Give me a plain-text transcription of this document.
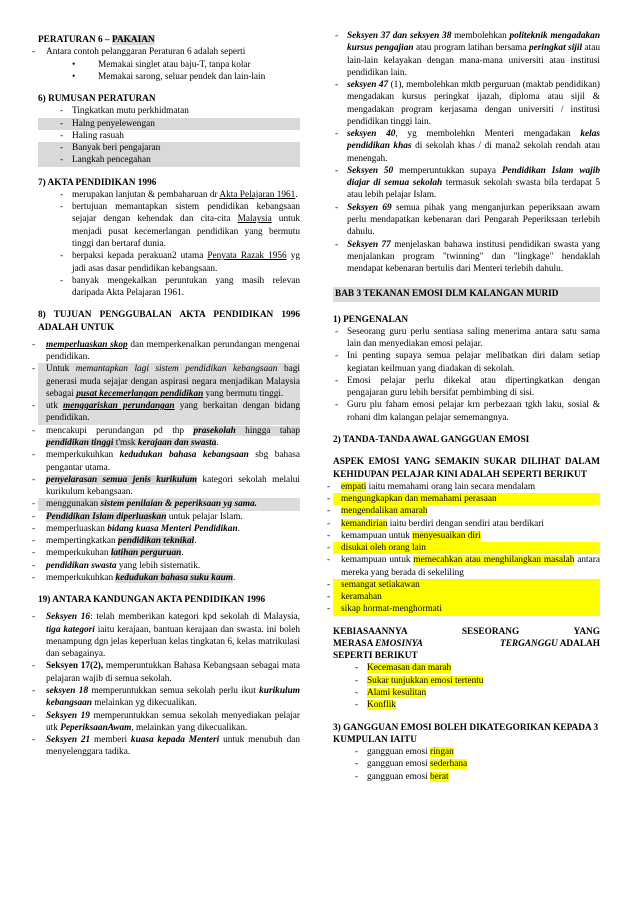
PERATURAN 6 – PAKAIAN

- Antara contoh pelanggaran Peraturan 6 adalah seperti
• Memakai singlet atau baju-T, tanpa kolar
• Memakai sarong, seluar pendek dan lain-lain

6) RUMUSAN PERATURAN

- Tingkatkan mutu perkhidmatan
- Halng penyelewengan
- Haling rasuah
- Banyak beri pengajaran
- Langkah pencegahan

7) AKTA PENDIDIKAN 1996

- merupakan lanjutan & pembaharuan dr Akta Pelajaran 1961.
- bertujuan memantapkan sistem pendidikan kebangsaan sejajar dengan kehendak dan cita-cita Malaysia untuk menjadi pusat kecemerlangan pendidikan yang bermutu tinggi dan bertaraf dunia.
- berpaksi kepada perakuan2 utama Penyata Razak 1956 yg jadi asas dasar pendidikan kebangsaan.
- banyak mengekalkan peruntukan yang masih relevan daripada Akta Pelajaran 1961.

8) TUJUAN PENGGUBALAN AKTA PENDIDIKAN 1996 ADALAH UNTUK

- memperluaskan skop dan memperkenalkan perundangan mengenai pendidikan.
- Untuk memantapkan lagi sistem pendidikan kebangsaan bagi generasi muda sejajar dengan aspirasi negara menjadikan Malaysia sebagai pusat kecemerlangan pendidikan yang bermutu tinggi.
- utk menggariskan perundangan yang berkaitan dengan bidang pendidikan.
- mencakupi perundangan pd thp prasekolah hingga tahap pendidikan tinggi t'msk kerajaan dan swasta.
- memperkukuhkan kedudukan bahasa kebangsaan sbg bahasa pengantar utama.
- penyelarasan semua jenis kurikulum kategori sekolah melalui kurikulum kebangsaan.
- menggunakan sistem penilaian & peperiksaan yg sama.
- Pendidikan Islam diperluaskan untuk pelajar Islam.
- memperluaskan bidang kuasa Menteri Pendidikan.
- mempertingkatkan pendidikan teknikal.
- memperkukuhan latihan perguruan.
- pendidikan swasta yang lebih sistematik.
- memperkukuhkan kedudukan bahasa suku kaum.

19) ANTARA KANDUNGAN AKTA PENDIDIKAN 1996

- Seksyen 16: telah memberikan kategori kpd sekolah di Malaysia, tiga kategori iaitu kerajaan, bantuan kerajaan dan swasta. ini boleh menampung dgn jelas keperluan kelas tingkatan 6, kelas matrikulasi dan sebagainya.
- Seksyen 17(2), memperuntukkan Bahasa Kebangsaan sebagai mata pelajaran wajib di semua sekolah.
- seksyen 18 memperuntukkan semua sekolah perlu ikut kurikulum kebangsaan melainkan yg dikecualikan.
- Seksyen 19 memperuntukkan semua sekolah menyediakan pelajar utk PeperiksaanAwam, melainkan yang dikecualikan.
- Seksyen 21 memberi kuasa kepada Menteri untuk menubuh dan menyelenggara tadika.
- Seksyen 37 dan seksyen 38 membolehkan politeknik mengadakan kursus pengajian atau program latihan bersama peringkat sijil atau lain-lain kelayakan dengan mana-mana universiti atau institusi pendidikan lain.
- seksyen 47 (1), membolehkan mktb perguruan (maktab pendidikan) mengadakan kursus peringkat ijazah, diploma atau sijil & mengadakan program kerjasama dengan universiti / institusi pendidikan tinggi lain.
- seksyen 40, yg membolehkn Menteri mengadakan kelas pendidikan khas di sekolah khas / di mana2 sekolah rendah atau menengah.
- Seksyen 50 memperuntukkan supaya Pendidikan Islam wajib diajar di semua sekolah termasuk sekolah swasta bila terdapat 5 atau lebih pelajar Islam.
- Seksyen 69 semua pihak yang menganjurkan peperiksaan awam perlu mendapatkan kebenaran dari Pengarah Peperiksaan terlebih dahulu.
- Seksyen 77 menjelaskan bahawa institusi pendidikan swasta yang menjalankan program "twinning" dan "lingkage" hendaklah mendapat kebenaran bertulis dari Menteri terlebih dahulu.
BAB 3 TEKANAN EMOSI DLM KALANGAN MURID

1) PENGENALAN

- Seseorang guru perlu sentiasa saling menerima antara satu sama lain dan menyediakan emosi pelajar.
- Ini penting supaya semua pelajar melibatkan diri dalam setiap kegiatan keilmuan yang diadakan di sekolah.
- Emosi pelajar perlu dikekal atau dipertingkatkan dengan pengajaran guru lebih bersifat pembimbing di sisi.
- Guru plu faham emosi pelajar krn perbezaan tgkh laku, sosial & rohani dlm kalangan pelajar sememangnya.

2) TANDA-TANDA AWAL GANGGUAN EMOSI

ASPEK EMOSI YANG SEMAKIN SUKAR DILIHAT DALAM KEHIDUPAN PELAJAR KINI ADALAH SEPERTI BERIKUT

- empati iaitu memahami orang lain secara mendalam
- mengungkapkan dan memahami perasaan
- mengendalikan amarah
- kemandirian iaitu berdiri dengan sendiri atau berdikari
- kemampuan untuk menyesuaikan diri
- disukai oleh orang lain
- kemampuan untuk memecahkan atau menghilangkan masalah antara mereka yang berada di sekeliling
- semangat setiakawan
- keramahan
- sikap hormat-menghormati
KEBIASAANNYA	SESEORANG	YANG
MERASA EMOSINYA	TERGANGGU ADALAH
SEPERTI BERIKUT
- Kecemasan dan marah
- Sukar tunjukkan emosi tertentu
- Alami kesulitan
- Konflik

3) GANGGUAN EMOSI BOLEH DIKATEGORIKAN KEPADA 3 KUMPULAN IAITU

- gangguan emosi ringan
- gangguan emosi sederhana
- gangguan emosi berat
